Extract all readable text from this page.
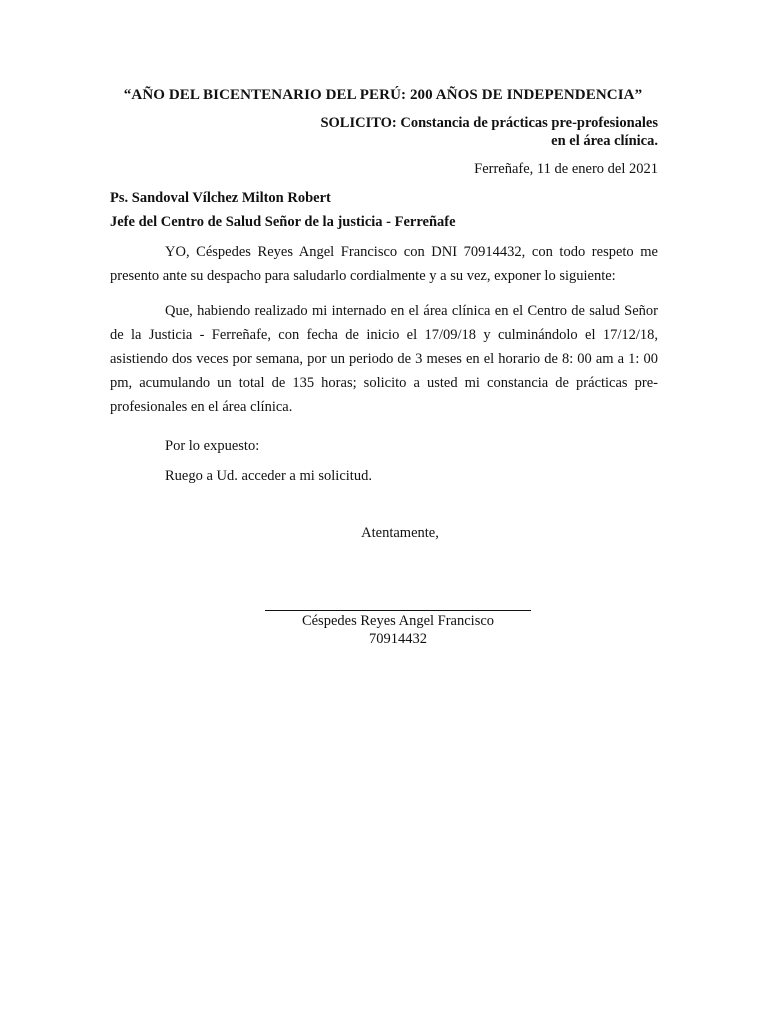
“AÑO DEL BICENTENARIO DEL PERÚ: 200 AÑOS DE INDEPENDENCIA”
SOLICITO: Constancia de prácticas pre-profesionales
en el área clínica.
Ferreñafe, 11 de enero del 2021
Ps. Sandoval Vílchez Milton Robert
Jefe del Centro de Salud Señor de la justicia - Ferreñafe
YO, Céspedes Reyes Angel Francisco con DNI 70914432, con todo respeto me presento ante su despacho para saludarlo cordialmente y a su vez, exponer lo siguiente:
Que, habiendo realizado mi internado en el área clínica en el Centro de salud Señor de la Justicia - Ferreñafe, con fecha de inicio el 17/09/18 y culminándolo el 17/12/18, asistiendo dos veces por semana, por un periodo de 3 meses en el horario de 8: 00 am a 1: 00 pm, acumulando un total de 135 horas; solicito a usted mi constancia de prácticas pre-profesionales en el área clínica.
Por lo expuesto:
Ruego a Ud. acceder a mi solicitud.
Atentamente,
Céspedes Reyes Angel Francisco
70914432
